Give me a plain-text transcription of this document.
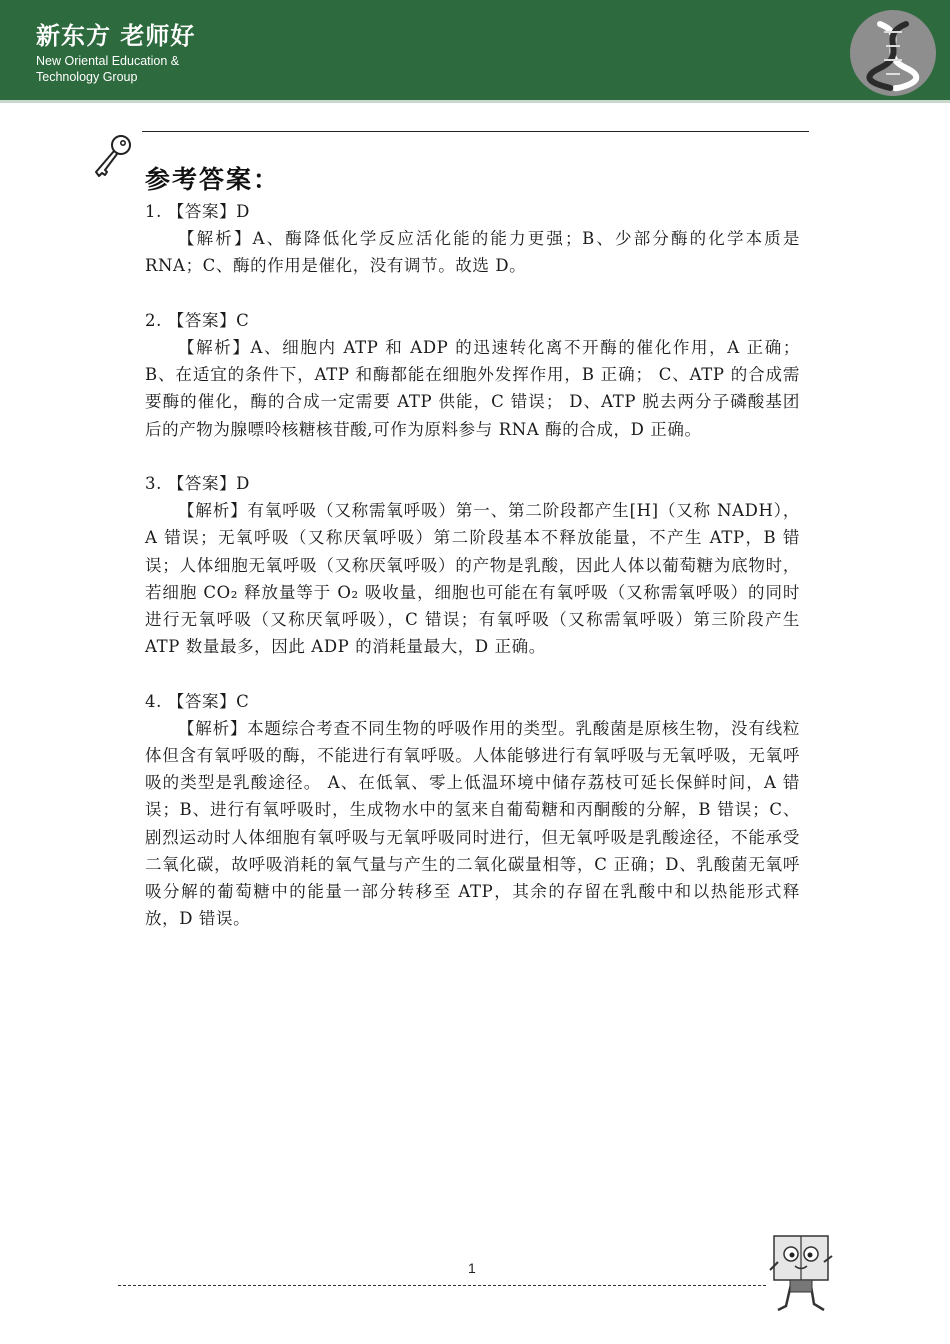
新东方 老师好
New Oriental Education & Technology Group
参考答案：

1. 【答案】D

【解析】A、酶降低化学反应活化能的能力更强；B、少部分酶的化学本质是 RNA；C、酶的作用是催化，没有调节。故选 D。

2. 【答案】C

【解析】A、细胞内 ATP 和 ADP 的迅速转化离不开酶的催化作用，A 正确； B、在适宜的条件下，ATP 和酶都能在细胞外发挥作用，B 正确； C、ATP 的合成需要酶的催化，酶的合成一定需要 ATP 供能，C 错误； D、ATP 脱去两分子磷酸基团后的产物为腺嘌呤核糖核苷酸,可作为原料参与 RNA 酶的合成，D 正确。

3. 【答案】D

【解析】有氧呼吸（又称需氧呼吸）第一、第二阶段都产生[H]（又称 NADH），A 错误；无氧呼吸（又称厌氧呼吸）第二阶段基本不释放能量，不产生 ATP，B 错误；人体细胞无氧呼吸（又称厌氧呼吸）的产物是乳酸，因此人体以葡萄糖为底物时，若细胞 CO₂ 释放量等于 O₂ 吸收量，细胞也可能在有氧呼吸（又称需氧呼吸）的同时进行无氧呼吸（又称厌氧呼吸），C 错误；有氧呼吸（又称需氧呼吸）第三阶段产生 ATP 数量最多，因此 ADP 的消耗量最大，D 正确。

4. 【答案】C

【解析】本题综合考查不同生物的呼吸作用的类型。乳酸菌是原核生物，没有线粒体但含有氧呼吸的酶，不能进行有氧呼吸。人体能够进行有氧呼吸与无氧呼吸，无氧呼吸的类型是乳酸途径。 A、在低氧、零上低温环境中储存荔枝可延长保鲜时间，A 错误；B、进行有氧呼吸时，生成物水中的氢来自葡萄糖和丙酮酸的分解，B 错误；C、剧烈运动时人体细胞有氧呼吸与无氧呼吸同时进行，但无氧呼吸是乳酸途径，不能承受二氧化碳，故呼吸消耗的氧气量与产生的二氧化碳量相等，C 正确；D、乳酸菌无氧呼吸分解的葡萄糖中的能量一部分转移至 ATP，其余的存留在乳酸中和以热能形式释放，D 错误。

1
